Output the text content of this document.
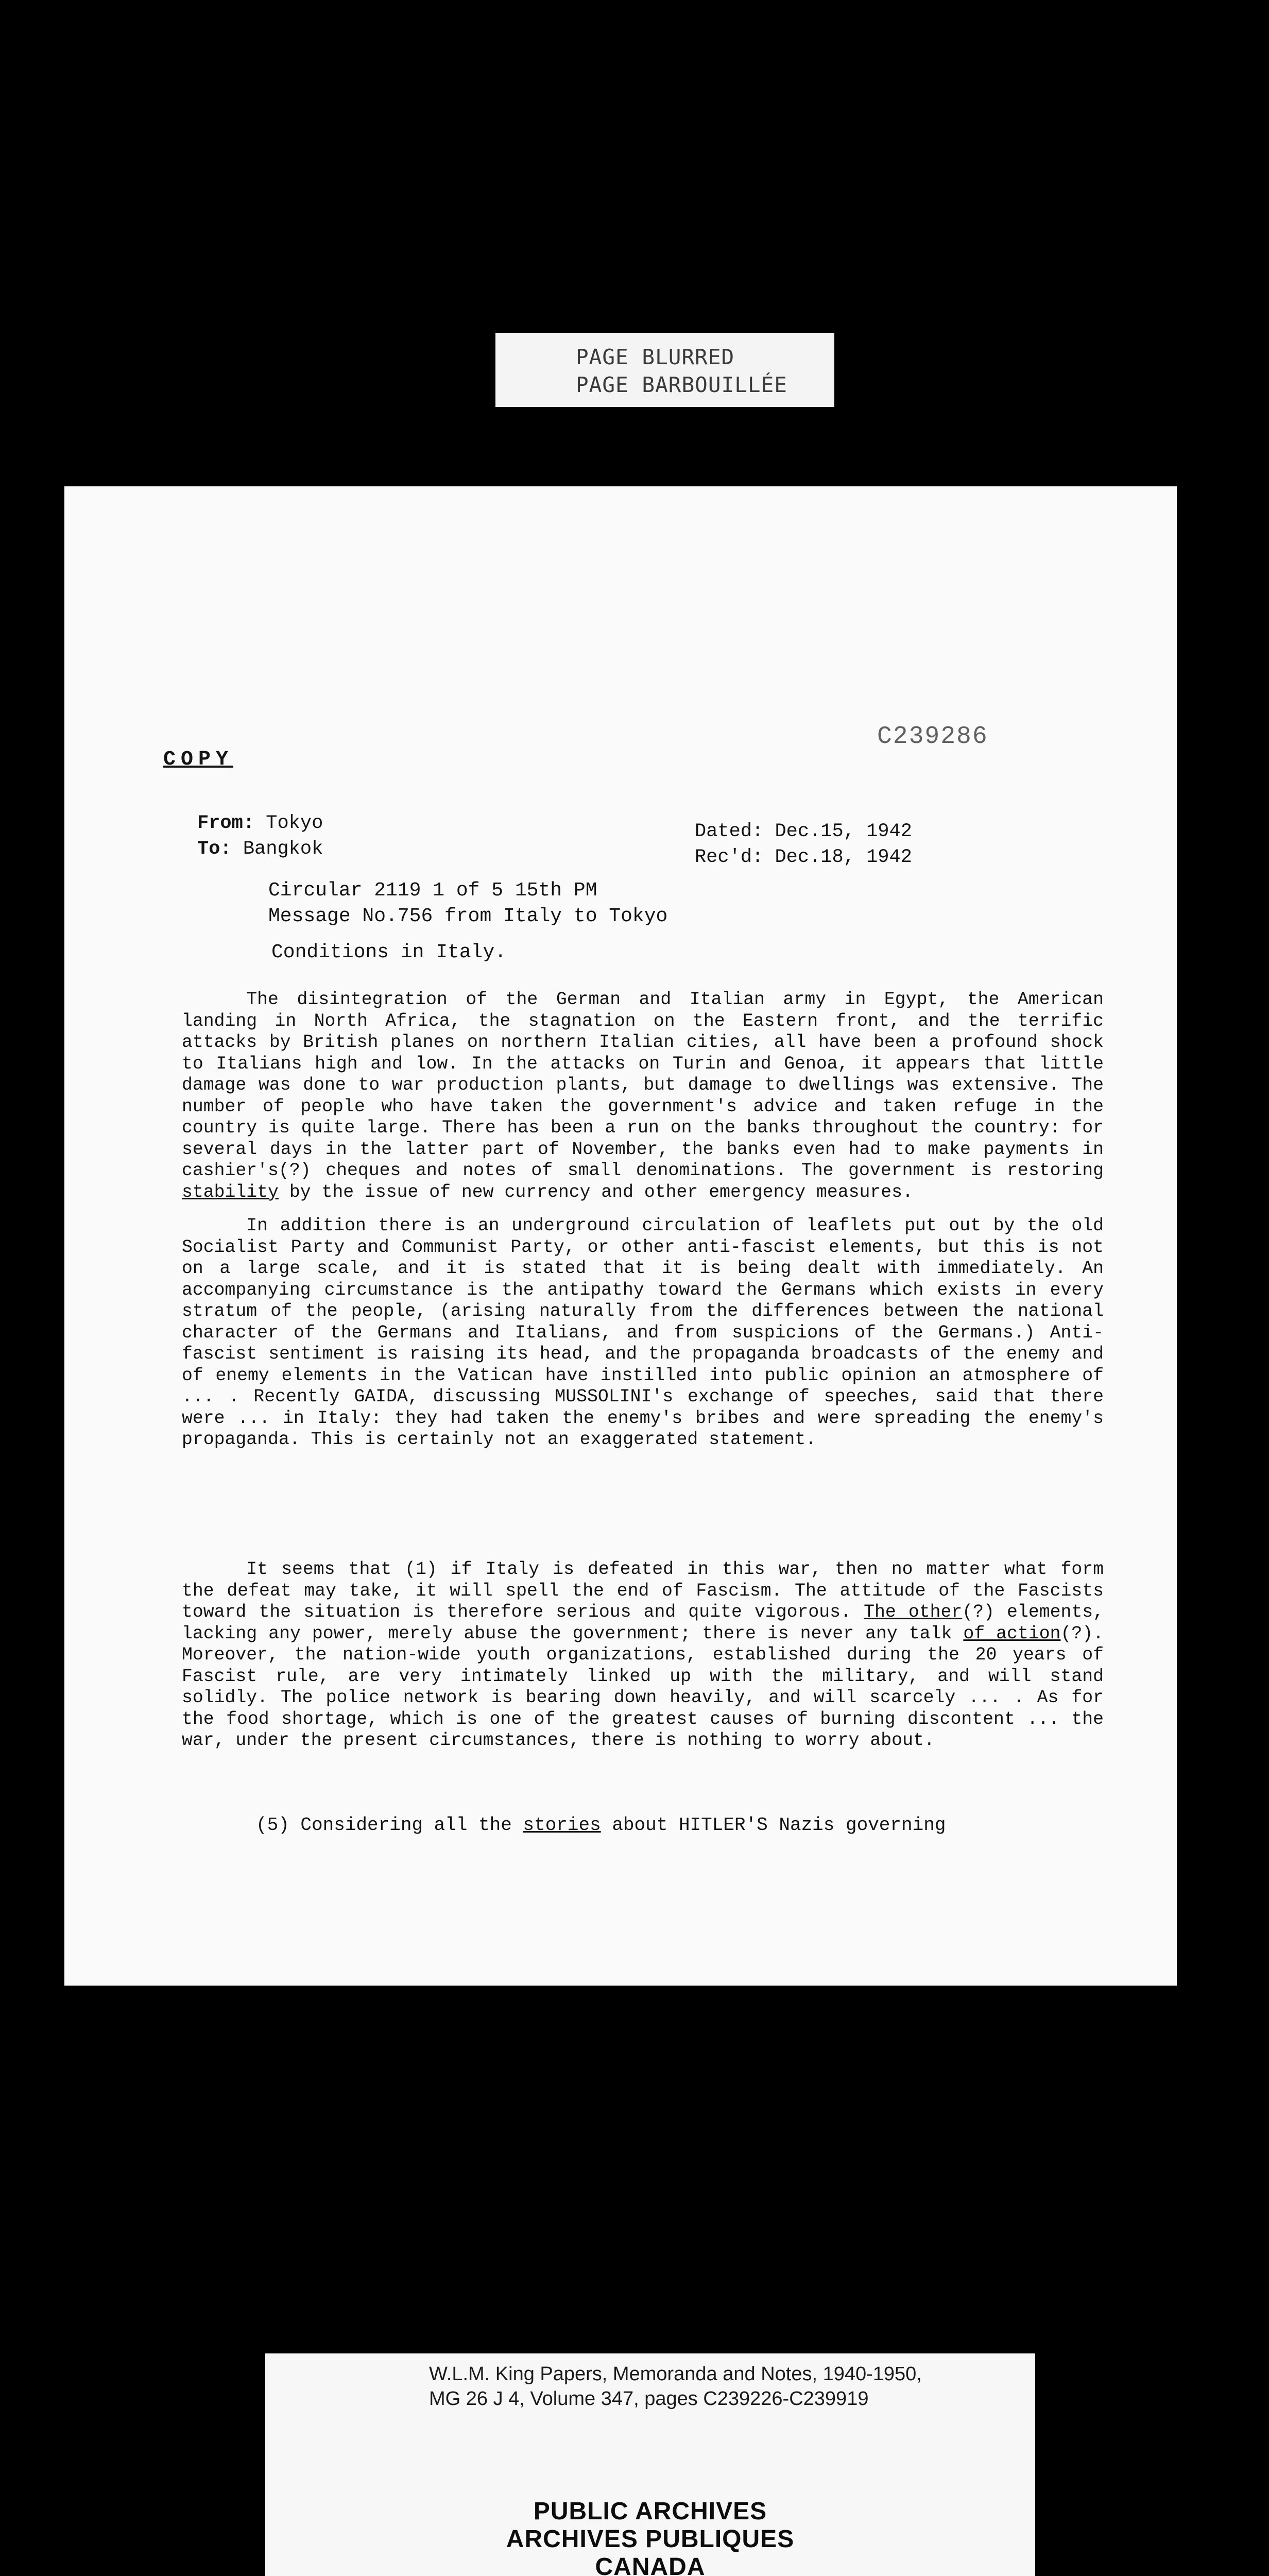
PAGE BLURRED
PAGE BARBOUILLÉE
COPY
C239286
From: Tokyo
To: Bangkok
Dated: Dec.15, 1942
Rec'd: Dec.18, 1942
Circular 2119 1 of 5 15th PM
Message No.756 from Italy to Tokyo
Conditions in Italy.

The disintegration of the German and Italian army in Egypt, the American landing in North Africa, the stagnation on the Eastern front, and the terrific attacks by British planes on northern Italian cities, all have been a profound shock to Italians high and low. In the attacks on Turin and Genoa, it appears that little damage was done to war production plants, but damage to dwellings was extensive. The number of people who have taken the government's advice and taken refuge in the country is quite large. There has been a run on the banks throughout the country: for several days in the latter part of November, the banks even had to make payments in cashier's(?) cheques and notes of small denominations. The government is restoring stability by the issue of new currency and other emergency measures.

In addition there is an underground circulation of leaflets put out by the old Socialist Party and Communist Party, or other anti-fascist elements, but this is not on a large scale, and it is stated that it is being dealt with immediately. An accompanying circumstance is the antipathy toward the Germans which exists in every stratum of the people, (arising naturally from the differences between the national character of the Germans and Italians, and from suspicions of the Germans.) Anti-fascist sentiment is raising its head, and the propaganda broadcasts of the enemy and of enemy elements in the Vatican have instilled into public opinion an atmosphere of ... . Recently GAIDA, discussing MUSSOLINI's exchange of speeches, said that there were ... in Italy: they had taken the enemy's bribes and were spreading the enemy's propaganda. This is certainly not an exaggerated statement.

It seems that (1) if Italy is defeated in this war, then no matter what form the defeat may take, it will spell the end of Fascism. The attitude of the Fascists toward the situation is therefore serious and quite vigorous. The other(?) elements, lacking any power, merely abuse the government; there is never any talk of action(?). Moreover, the nation-wide youth organizations, established during the 20 years of Fascist rule, are very intimately linked up with the military, and will stand solidly. The police network is bearing down heavily, and will scarcely ... . As for the food shortage, which is one of the greatest causes of burning discontent ... the war, under the present circumstances, there is nothing to worry about.

(5) Considering all the stories about HITLER'S Nazis governing
W.L.M. King Papers, Memoranda and Notes, 1940-1950,
MG 26 J 4, Volume 347, pages C239226-C239919
PUBLIC ARCHIVES
ARCHIVES PUBLIQUES
CANADA
